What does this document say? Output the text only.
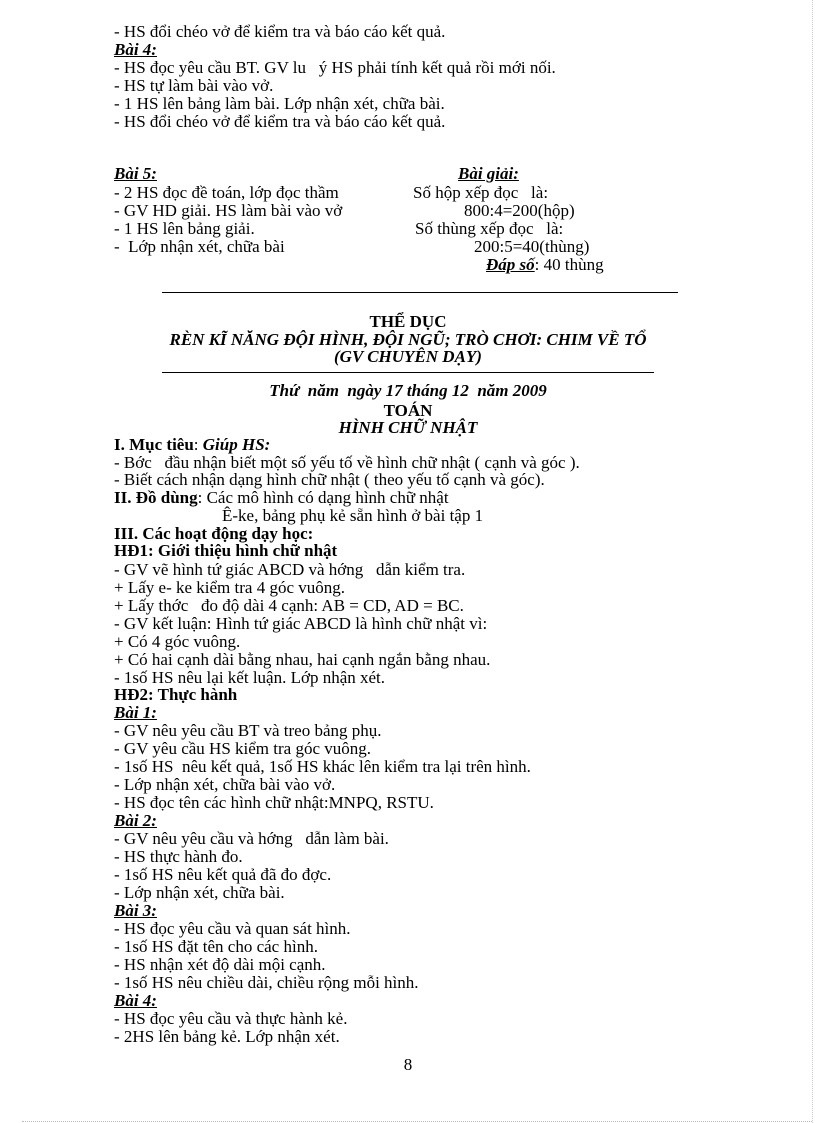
- HS đổi chéo vở để kiểm tra và báo cáo kết quả.
Bài 4:
- HS đọc yêu cầu BT. GV lu   ý HS phải tính kết quả rồi mới nối.
- HS tự làm bài vào vở.
- 1 HS lên bảng làm bài. Lớp nhận xét, chữa bài.
- HS đổi chéo vở để kiểm tra và báo cáo kết quả.
Bài 5:	Bài giải:
- 2 HS đọc đề toán, lớp đọc thầm
- GV HD giải. HS làm bài vào vở
- 1 HS lên bảng giải.
-  Lớp nhận xét, chữa bài
Số hộp xếp đọc   là:
800:4=200(hộp)
Số thùng xếp đọc   là:
200:5=40(thùng)
Đáp số: 40 thùng
THỂ DỤC
RÈN KĨ NĂNG ĐỘI HÌNH, ĐỘI NGŨ; TRÒ CHƠI: CHIM VỀ TỔ
(GV CHUYÊN DẠY)
Thứ  năm  ngày 17 tháng 12  năm 2009
TOÁN
HÌNH CHỮ NHẬT
I. Mục tiêu: Giúp HS:
- Bớc   đầu nhận biết một số yếu tố về hình chữ nhật ( cạnh và góc ).
- Biết cách nhận dạng hình chữ nhật ( theo yếu tố cạnh và góc).
II. Đồ dùng: Các mô hình có dạng hình chữ nhật
Ê-ke, bảng phụ kẻ sẵn hình ở bài tập 1
III. Các hoạt động dạy học:
HĐ1: Giới thiệu hình chữ nhật
- GV vẽ hình tứ giác ABCD và hớng   dẫn kiểm tra.
+ Lấy e- ke kiểm tra 4 góc vuông.
+ Lấy thớc   đo độ dài 4 cạnh: AB = CD, AD = BC.
- GV kết luận: Hình tứ giác ABCD là hình chữ nhật vì:
+ Có 4 góc vuông.
+ Có hai cạnh dài bằng nhau, hai cạnh ngắn bằng nhau.
- 1số HS nêu lại kết luận. Lớp nhận xét.
HĐ2: Thực hành
Bài 1:
- GV nêu yêu cầu BT và treo bảng phụ.
- GV yêu cầu HS kiểm tra góc vuông.
- 1số HS  nêu kết quả, 1số HS khác lên kiểm tra lại trên hình.
- Lớp nhận xét, chữa bài vào vở.
- HS đọc tên các hình chữ nhật:MNPQ, RSTU.
Bài 2:
- GV nêu yêu cầu và hớng   dẫn làm bài.
- HS thực hành đo.
- 1số HS nêu kết quả đã đo đợc.
- Lớp nhận xét, chữa bài.
Bài 3:
- HS đọc yêu cầu và quan sát hình.
- 1số HS đặt tên cho các hình.
- HS nhận xét độ dài mội cạnh.
- 1số HS nêu chiều dài, chiều rộng mỗi hình.
Bài 4:
- HS đọc yêu cầu và thực hành kẻ.
- 2HS lên bảng kẻ. Lớp nhận xét.
8
